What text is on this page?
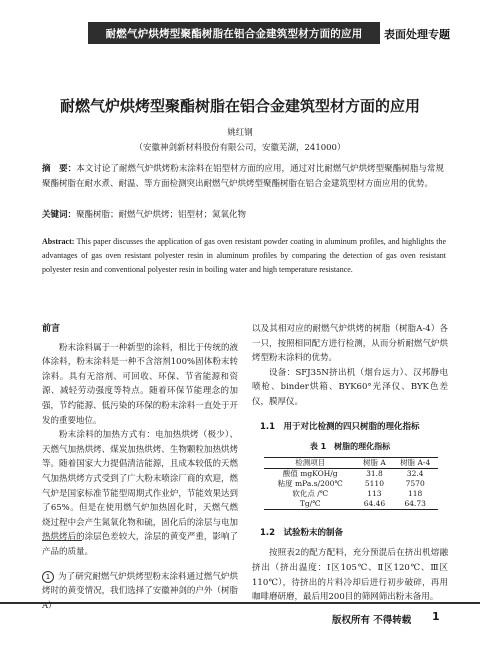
耐燃气炉烘烤型聚酯树脂在铝合金建筑型材方面的应用	表面处理专题
耐燃气炉烘烤型聚酯树脂在铝合金建筑型材方面的应用
姚红钢
（安徽神剑新材料股份有限公司，安徽芜湖，241000）
摘　要：本文讨论了耐燃气炉烘烤粉末涂料在铝型材方面的应用，通过对比耐燃气炉烘烤型聚酯树脂与常规聚酯树脂在耐水煮、耐温、等方面检测突出耐燃气炉烘烤型聚酯树脂在铝合金建筑型材方面应用的优势。
关键词：聚酯树脂；耐燃气炉烘烤；铝型材；氮氧化物
Abstract: This paper discusses the application of gas oven resistant powder coating in aluminum profiles, and highlights the advantages of gas oven resistant polyester resin in aluminum profiles by comparing the detection of gas oven resistant polyester resin and conventional polyester resin in boiling water and high temperature resistance.
前言

粉末涂料属于一种新型的涂料，相比于传统的液体涂料，粉末涂料是一种不含溶剂100%固体粉末转涂料。具有无溶剂、可回收、环保、节省能源和资源、减轻劳动强度等特点。随着环保节能理念的加强，节约能源、低污染的环保的粉末涂料一直处于开发的重要地位。

粉末涂料的加热方式有：电加热烘烤（极少）、天燃气加热烘烤、煤炭加热烘烤、生物颗粒加热烘烤等。随着国家大力提倡清洁能源，且成本较低的天燃气加热烘烤方式受到了广大粉末喷涂厂商的欢迎，燃气炉是国家标准节能型周期式作业炉，节能效果达到了65%。但是在使用燃气炉加热固化时，天燃气燃烧过程中会产生氮氧化物和硫，固化后的涂层与电加热烘烤后的涂层色差较大，涂层的黄变严重，影响了产品的质量。

1 为了研究耐燃气炉烘烤型粉末涂料通过燃气炉烘烤时的黄变情况，我们选择了安徽神剑的户外（树脂A）

以及其相对应的耐燃气炉烘烤的树脂（树脂A-4）各一只，按照相同配方进行检测，从而分析耐燃气炉烘烤型粉末涂料的优势。

设备：SFJ35N挤出机（烟台远力）、汉邦静电喷枪、binder烘箱、BYK60°光泽仪、BYK色差仪，膜厚仪。

1.1　用于对比检测的四只树脂的理化指标
表 1　树脂的理化指标
检测项目	树脂 A	树脂 A-4
酸值 mgKOH/g	31.8	32.4
粘度 mPa.s/200℃	5110	7570
软化点 /℃	113	118
Tg/℃	64.46	64.73
1.2　试验粉末的制备

按照表2的配方配料，充分预混后在挤出机熔融挤出（挤出温度：Ⅰ区105℃、Ⅱ区120℃、Ⅲ区110℃），待挤出的片料冷却后进行初步破碎，再用咖啡磨研磨，最后用200目的筛网筛出粉末备用。

版权所有 不得转载 1
